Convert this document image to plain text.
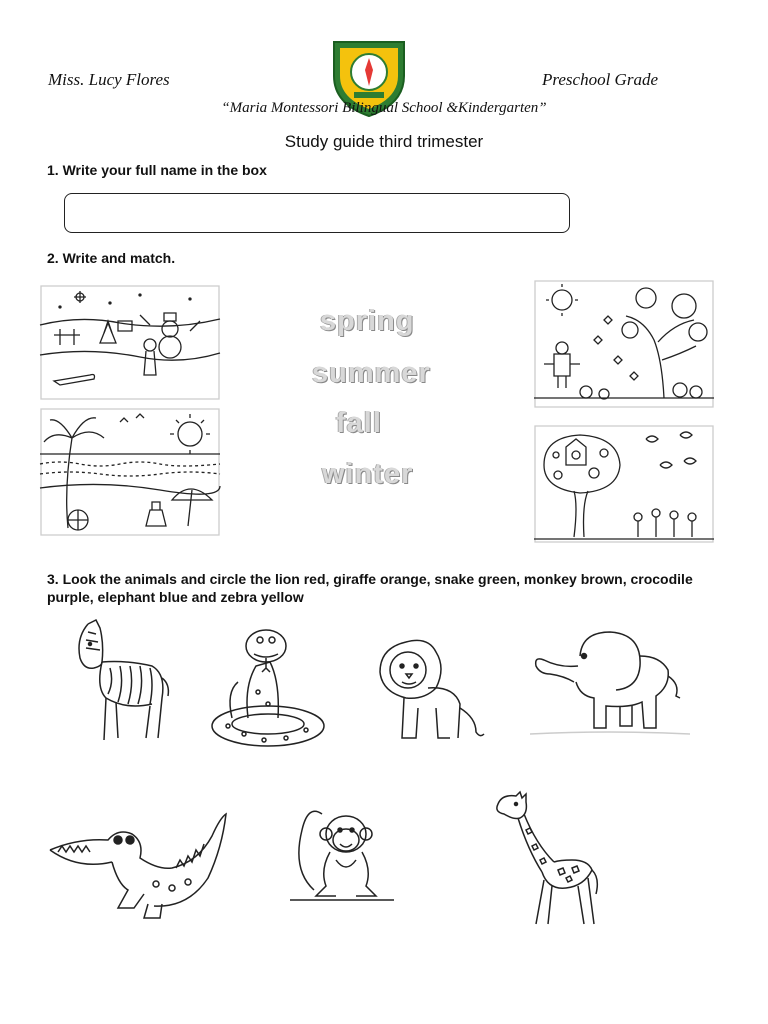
Miss. Lucy Flores	Preschool Grade
“Maria Montessori Bilingual School &Kindergarten”
Study guide third trimester
1. Write your full name in the box
2. Write and match.
spring
summer
fall
winter
3. Look the animals and circle the lion red, giraffe orange, snake green, monkey brown, crocodile purple, elephant blue and zebra yellow
